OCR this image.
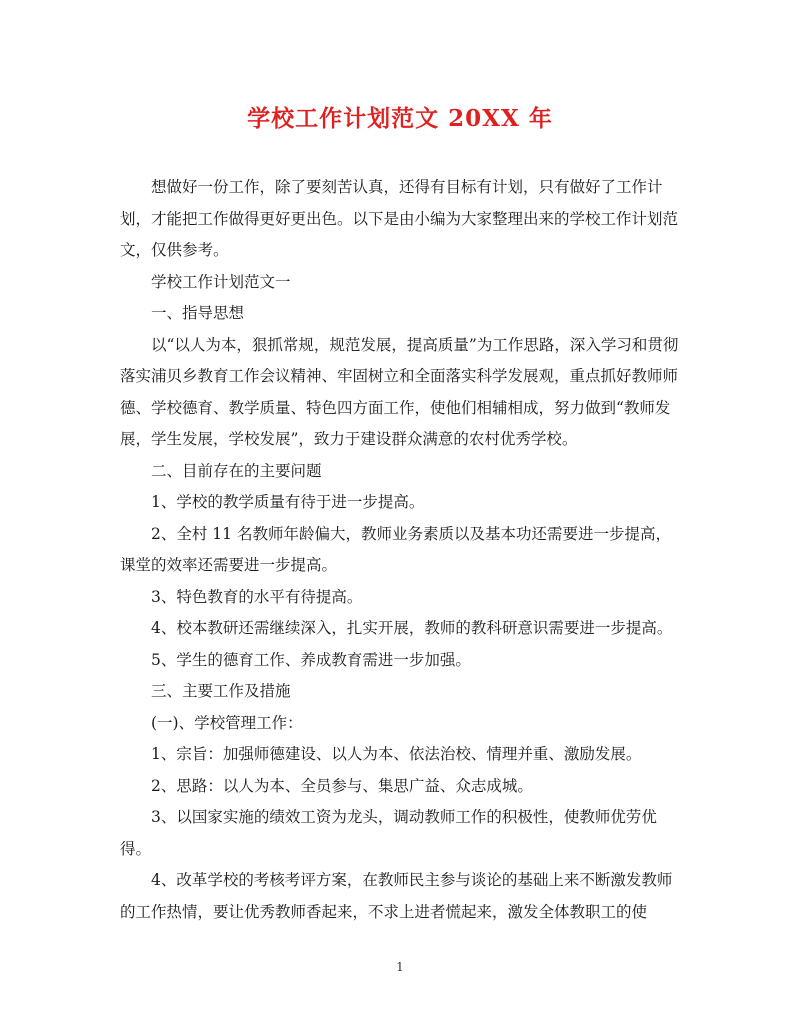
学校工作计划范文 20XX 年

想做好一份工作，除了要刻苦认真，还得有目标有计划，只有做好了工作计划，才能把工作做得更好更出色。以下是由小编为大家整理出来的学校工作计划范文，仅供参考。

学校工作计划范文一

一、指导思想

以“以人为本，狠抓常规，规范发展，提高质量”为工作思路，深入学习和贯彻落实浦贝乡教育工作会议精神、牢固树立和全面落实科学发展观，重点抓好教师师德、学校德育、教学质量、特色四方面工作，使他们相辅相成，努力做到“教师发展，学生发展，学校发展”，致力于建设群众满意的农村优秀学校。

二、目前存在的主要问题

1、学校的教学质量有待于进一步提高。

2、全村 11 名教师年龄偏大，教师业务素质以及基本功还需要进一步提高，课堂的效率还需要进一步提高。

3、特色教育的水平有待提高。

4、校本教研还需继续深入，扎实开展，教师的教科研意识需要进一步提高。

5、学生的德育工作、养成教育需进一步加强。

三、主要工作及措施

(一)、学校管理工作：

1、宗旨：加强师德建设、以人为本、依法治校、情理并重、激励发展。

2、思路：以人为本、全员参与、集思广益、众志成城。

3、以国家实施的绩效工资为龙头，调动教师工作的积极性，使教师优劳优得。

4、改革学校的考核考评方案，在教师民主参与谈论的基础上来不断激发教师的工作热情，要让优秀教师香起来，不求上进者慌起来，激发全体教职工的使

1
